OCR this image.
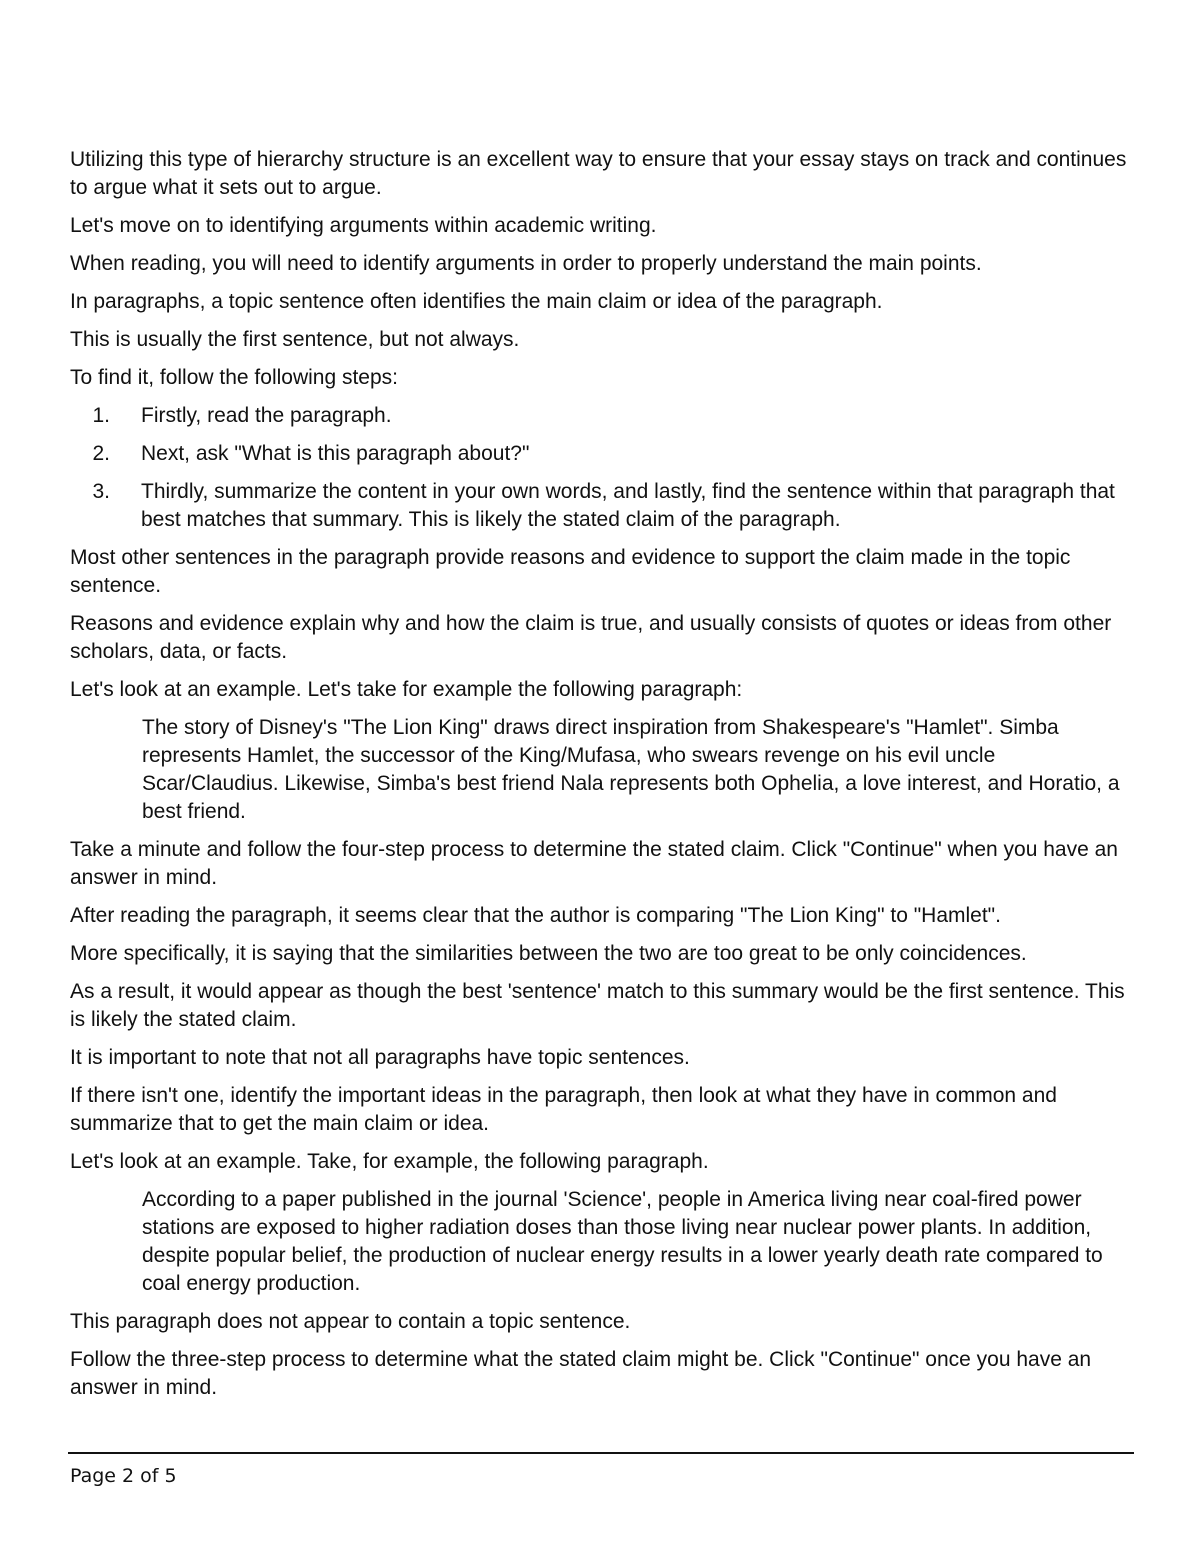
Utilizing this type of hierarchy structure is an excellent way to ensure that your essay stays on track and continues to argue what it sets out to argue.

Let's move on to identifying arguments within academic writing.

When reading, you will need to identify arguments in order to properly understand the main points.

In paragraphs, a topic sentence often identifies the main claim or idea of the paragraph.

This is usually the first sentence, but not always.

To find it, follow the following steps:

1.	Firstly, read the paragraph.
2.	Next, ask "What is this paragraph about?"
3.	Thirdly, summarize the content in your own words, and lastly, find the sentence within that paragraph that best matches that summary. This is likely the stated claim of the paragraph.

Most other sentences in the paragraph provide reasons and evidence to support the claim made in the topic sentence.

Reasons and evidence explain why and how the claim is true, and usually consists of quotes or ideas from other scholars, data, or facts.

Let's look at an example. Let's take for example the following paragraph:

The story of Disney's "The Lion King" draws direct inspiration from Shakespeare's "Hamlet". Simba represents Hamlet, the successor of the King/Mufasa, who swears revenge on his evil uncle Scar/Claudius. Likewise, Simba's best friend Nala represents both Ophelia, a love interest, and Horatio, a best friend.

Take a minute and follow the four-step process to determine the stated claim. Click "Continue" when you have an answer in mind.

After reading the paragraph, it seems clear that the author is comparing "The Lion King" to "Hamlet".

More specifically, it is saying that the similarities between the two are too great to be only coincidences.

As a result, it would appear as though the best 'sentence' match to this summary would be the first sentence. This is likely the stated claim.

It is important to note that not all paragraphs have topic sentences.

If there isn't one, identify the important ideas in the paragraph, then look at what they have in common and summarize that to get the main claim or idea.

Let's look at an example. Take, for example, the following paragraph.

According to a paper published in the journal 'Science', people in America living near coal-fired power stations are exposed to higher radiation doses than those living near nuclear power plants. In addition, despite popular belief, the production of nuclear energy results in a lower yearly death rate compared to coal energy production.

This paragraph does not appear to contain a topic sentence.

Follow the three-step process to determine what the stated claim might be. Click "Continue" once you have an answer in mind.

Page 2 of 5
